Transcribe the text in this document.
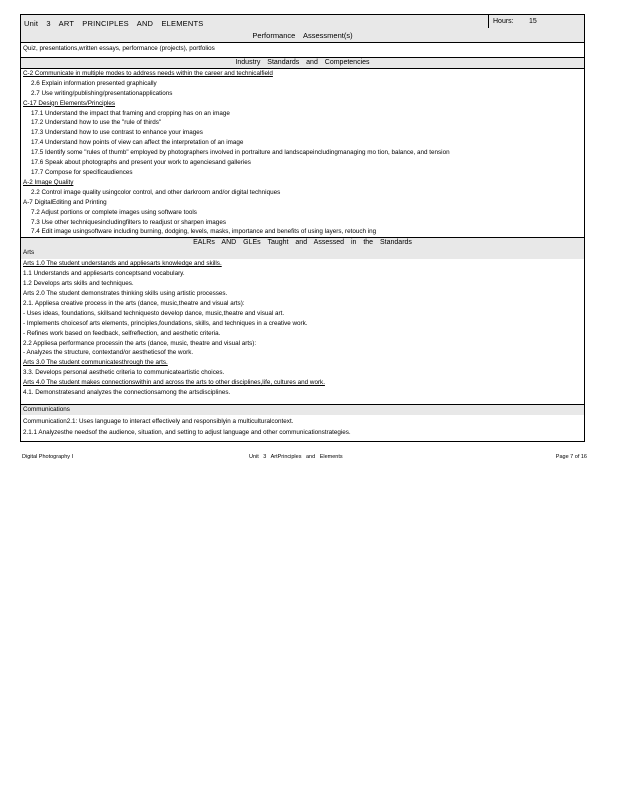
Unit 3 ART PRINCIPLES AND ELEMENTS	Hours: 15
Performance Assessment(s)
Quiz, presentations,written essays, performance (projects), portfolios
Industry Standards and Competencies
C-2 Communicate in multiple modes to address needs within the career and technicalfield
2.6 Explain information presented graphically
2.7 Use writing/publishing/presentationapplications
C-17 Design Elements/Principles
17.1 Understand the impact that framing and cropping has on an image
17.2 Understand how to use the "rule of thirds"
17.3 Understand how to use contrast to enhance your images
17.4 Understand how points of view can affect the interpretation of an image
17.5 Identify some "rules of thumb" employed by photographers involved in portraiture and landscapeincludingmanaging mo tion, balance, and tension
17.6 Speak about photographs and present your work to agenciesand galleries
17.7 Compose for specificaudiences
A-2 Image Quality
2.2 Control image quality usingcolor control, and other darkroom and/or digital techniques
A-7 DigitalEditing and Printing
7.2 Adjust portions or complete images using software tools
7.3 Use other techniquesincludingfilters to readjust or sharpen images
7.4 Edit image usingsoftware including burning, dodging, levels, masks, importance and benefits of using layers, retouch ing
EALRs AND GLEs Taught and Assessed in the Standards
Arts
Arts 1.0 The student understands and appliesarts knowledge and skills.
1.1 Understands and appliesarts conceptsand vocabulary.
1.2 Develops arts skills and techniques.
Arts 2.0 The student demonstrates thinking skills using artistic processes.
2.1. Appliesa creative process in the arts (dance, music,theatre and visual arts):
- Uses ideas, foundations, skillsand techniquesto develop dance, music,theatre and visual art.
- Implements choicesof arts elements, principles,foundations, skills, and techniques in a creative work.
- Refines work based on feedback, selfreflection, and aesthetic criteria.
2.2 Appliesa performance processin the arts (dance, music, theatre and visual arts):
- Analyzes the structure, contextand/or aestheticsof the work.
Arts 3.0 The student communicatesthrough the arts.
3.3. Develops personal aesthetic criteria to communicateartistic choices.
Arts 4.0 The student makes connectionswithin and across the arts to other disciplines,life, cultures and work.
4.1. Demonstratesand analyzes the connectionsamong the artsdisciplines.
Communications
Communication2.1: Uses language to interact effectively and responsiblyin a multiculturalcontext.
2.1.1 Analyzesthe needsof the audience, situation, and setting to adjust language and other communicationstrategies.
Digital Photography I	Unit 3 ArtPrinciples and Elements	Page 7 of 16
